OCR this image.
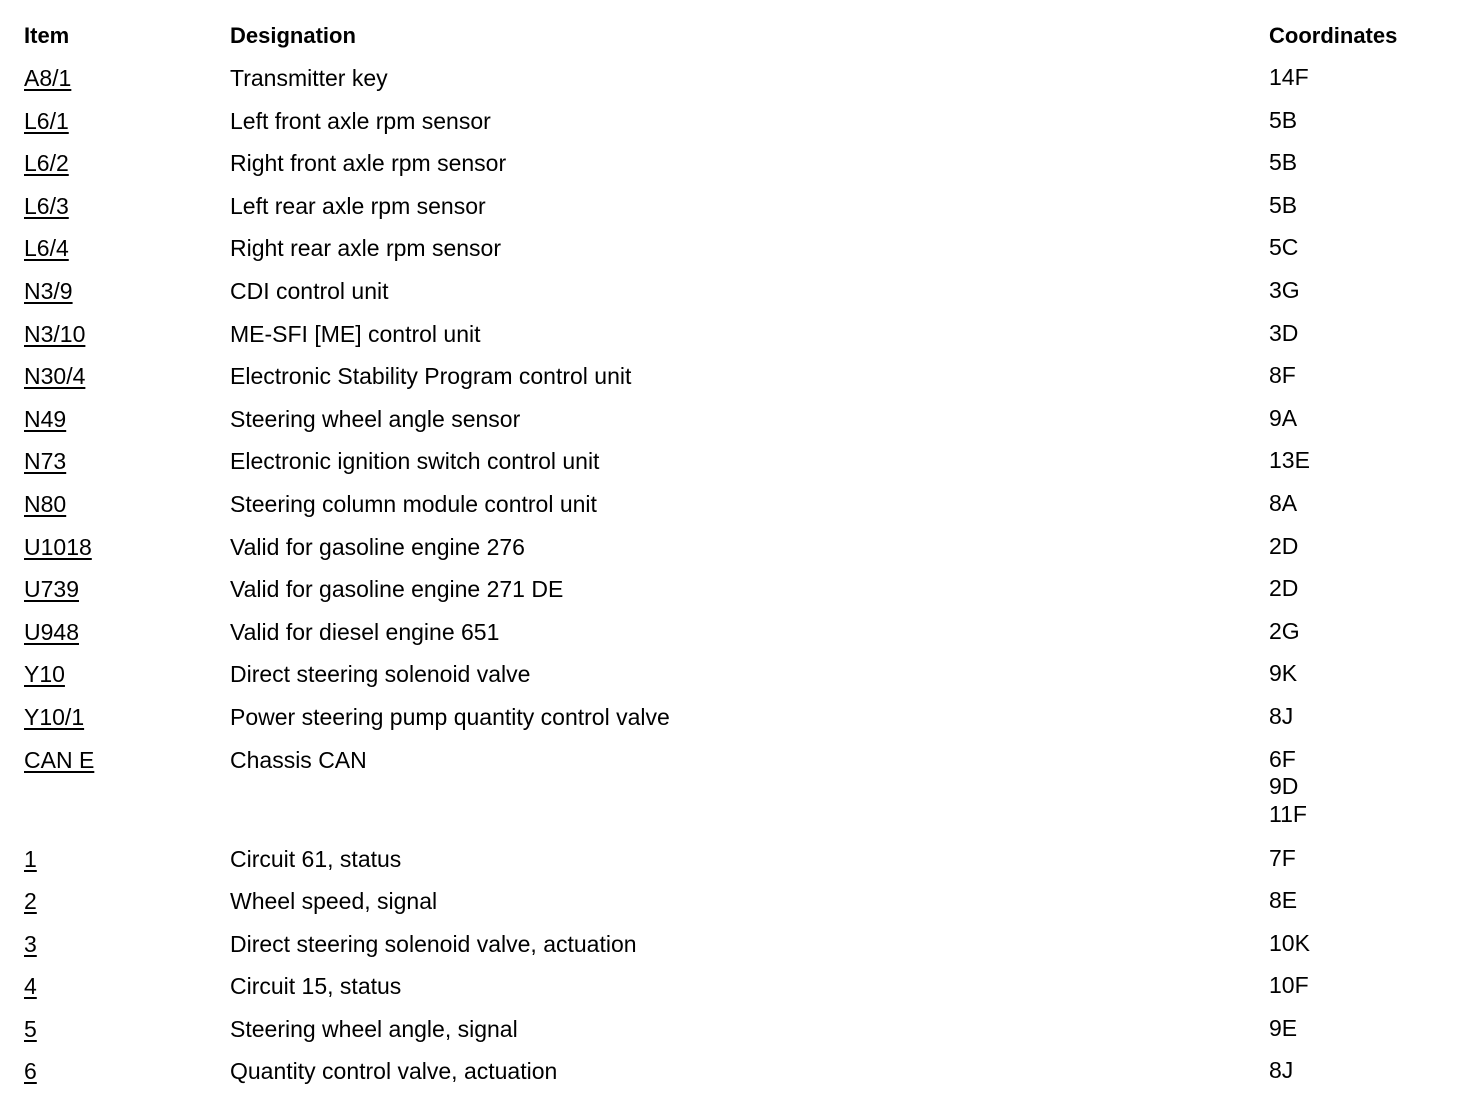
Item	Designation	Coordinates
A8/1	Transmitter key	14F

L6/1	Left front axle rpm sensor	5B

L6/2	Right front axle rpm sensor	5B

L6/3	Left rear axle rpm sensor	5B

L6/4	Right rear axle rpm sensor	5C

N3/9	CDI control unit	3G

N3/10	ME-SFI [ME] control unit	3D

N30/4	Electronic Stability Program control unit	8F

N49	Steering wheel angle sensor	9A

N73	Electronic ignition switch control unit	13E

N80	Steering column module control unit	8A

U1018	Valid for gasoline engine 276	2D

U739	Valid for gasoline engine 271 DE	2D

U948	Valid for diesel engine 651	2G

Y10	Direct steering solenoid valve	9K

Y10/1	Power steering pump quantity control valve	8J

CAN E	Chassis CAN	6F
9D
11F

1	Circuit 61, status	7F

2	Wheel speed, signal	8E

3	Direct steering solenoid valve, actuation	10K

4	Circuit 15, status	10F

5	Steering wheel angle, signal	9E

6	Quantity control valve, actuation	8J
